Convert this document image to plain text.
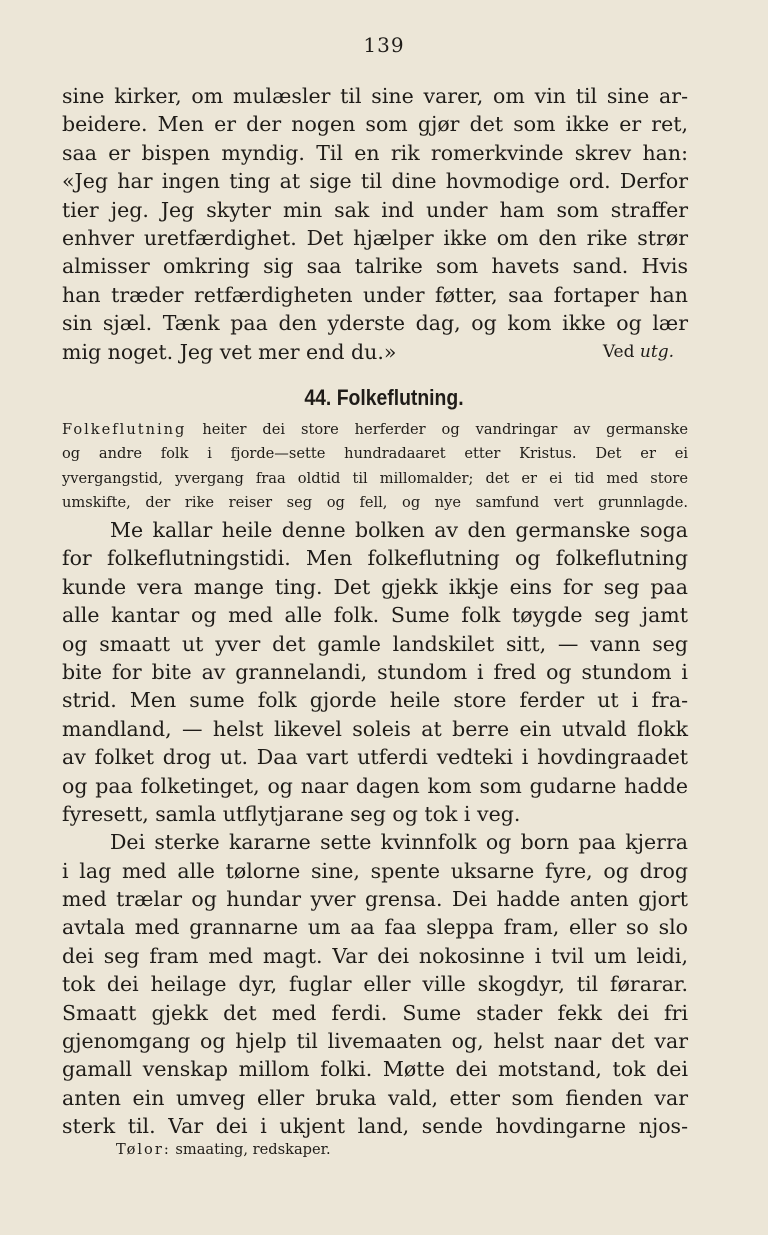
139
sine kirker, om mulæsler til sine varer, om vin til sine ar-
beidere. Men er der nogen som gjør det som ikke er ret,
saa er bispen myndig. Til en rik romerkvinde skrev han:
«Jeg har ingen ting at sige til dine hovmodige ord. Derfor
tier jeg. Jeg skyter min sak ind under ham som straffer
enhver uretfærdighet. Det hjælper ikke om den rike strør
almisser omkring sig saa talrike som havets sand. Hvis
han træder retfærdigheten under føtter, saa fortaper han
sin sjæl. Tænk paa den yderste dag, og kom ikke og lær
mig noget. Jeg vet mer end du.»	Ved utg.
44. Folkeflutning.
Folkeflutning heiter dei store herferder og vandringar av germanske
og andre folk i fjorde—sette hundradaaret etter Kristus. Det er ei
yvergangstid, yvergang fraa oldtid til millomalder; det er ei tid med store
umskifte, der rike reiser seg og fell, og nye samfund vert grunnlagde.
Me kallar heile denne bolken av den germanske soga
for folkeflutningstidi. Men folkeflutning og folkeflutning
kunde vera mange ting. Det gjekk ikkje eins for seg paa
alle kantar og med alle folk. Sume folk tøygde seg jamt
og smaatt ut yver det gamle landskilet sitt, — vann seg
bite for bite av grannelandi, stundom i fred og stundom i
strid. Men sume folk gjorde heile store ferder ut i fra-
mandland, — helst likevel soleis at berre ein utvald flokk
av folket drog ut. Daa vart utferdi vedteki i hovdingraadet
og paa folketinget, og naar dagen kom som gudarne hadde
fyresett, samla utflytjarane seg og tok i veg.
Dei sterke kararne sette kvinnfolk og born paa kjerra
i lag med alle tølorne sine, spente uksarne fyre, og drog
med trælar og hundar yver grensa. Dei hadde anten gjort
avtala med grannarne um aa faa sleppa fram, eller so slo
dei seg fram med magt. Var dei nokosinne i tvil um leidi,
tok dei heilage dyr, fuglar eller ville skogdyr, til førarar.
Smaatt gjekk det med ferdi. Sume stader fekk dei fri
gjenomgang og hjelp til livemaaten og, helst naar det var
gamall venskap millom folki. Møtte dei motstand, tok dei
anten ein umveg eller bruka vald, etter som fienden var
sterk til. Var dei i ukjent land, sende hovdingarne njos-
Tølor: smaating, redskaper.
